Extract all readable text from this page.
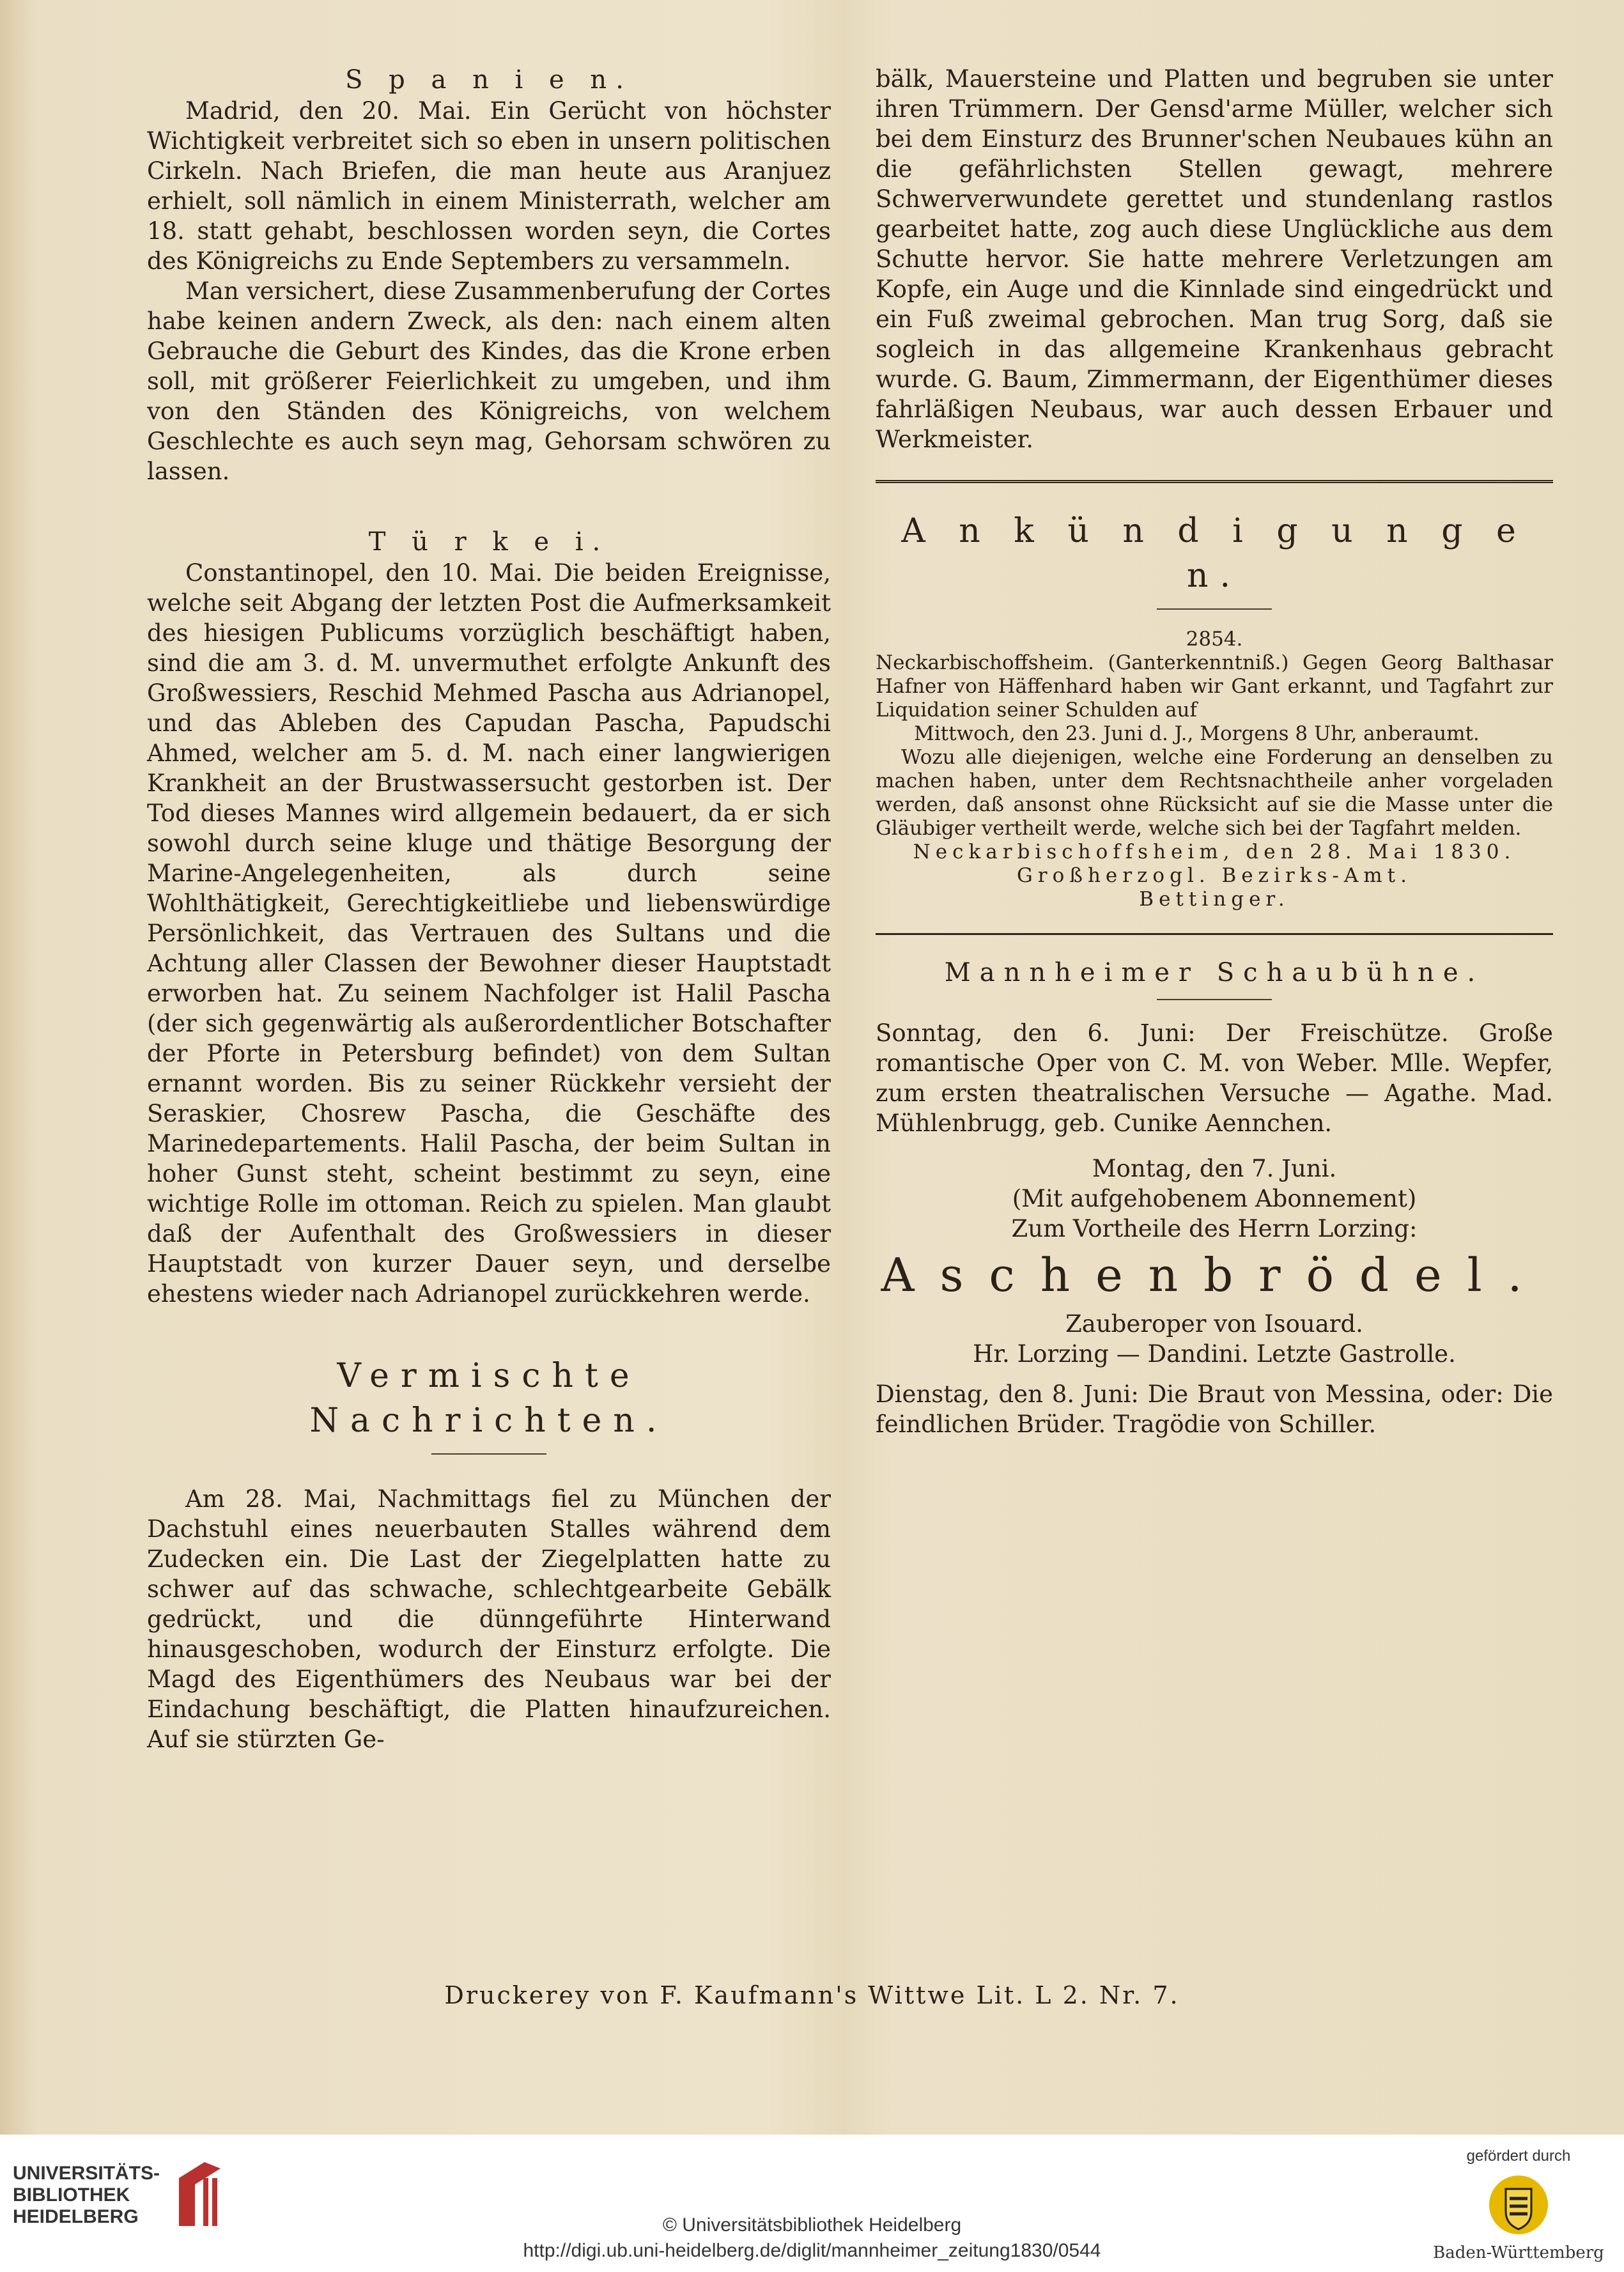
S p a n i e n.

Madrid, den 20. Mai. Ein Gerücht von höchster Wichtigkeit verbreitet sich so eben in unsern politischen Cirkeln. Nach Briefen, die man heute aus Aranjuez erhielt, soll nämlich in einem Ministerrath, welcher am 18. statt gehabt, beschlossen worden seyn, die Cortes des Königreichs zu Ende Septembers zu versammeln.

Man versichert, diese Zusammenberufung der Cortes habe keinen andern Zweck, als den: nach einem alten Gebrauche die Geburt des Kindes, das die Krone erben soll, mit größerer Feierlichkeit zu umgeben, und ihm von den Ständen des Königreichs, von welchem Geschlechte es auch seyn mag, Gehorsam schwören zu lassen.

T ü r k e i.

Constantinopel, den 10. Mai. Die beiden Ereignisse, welche seit Abgang der letzten Post die Aufmerksamkeit des hiesigen Publicums vorzüglich beschäftigt haben, sind die am 3. d. M. unvermuthet erfolgte Ankunft des Großwessiers, Reschid Mehmed Pascha aus Adrianopel, und das Ableben des Capudan Pascha, Papudschi Ahmed, welcher am 5. d. M. nach einer langwierigen Krankheit an der Brustwassersucht gestorben ist. Der Tod dieses Mannes wird allgemein bedauert, da er sich sowohl durch seine kluge und thätige Besorgung der Marine-Angelegenheiten, als durch seine Wohlthätigkeit, Gerechtigkeitliebe und liebenswürdige Persönlichkeit, das Vertrauen des Sultans und die Achtung aller Classen der Bewohner dieser Hauptstadt erworben hat. Zu seinem Nachfolger ist Halil Pascha (der sich gegenwärtig als außerordentlicher Botschafter der Pforte in Petersburg befindet) von dem Sultan ernannt worden. Bis zu seiner Rückkehr versieht der Seraskier, Chosrew Pascha, die Geschäfte des Marinedepartements. Halil Pascha, der beim Sultan in hoher Gunst steht, scheint bestimmt zu seyn, eine wichtige Rolle im ottoman. Reich zu spielen. Man glaubt daß der Aufenthalt des Großwessiers in dieser Hauptstadt von kurzer Dauer seyn, und derselbe ehestens wieder nach Adrianopel zurückkehren werde.

Vermischte Nachrichten.

Am 28. Mai, Nachmittags fiel zu München der Dachstuhl eines neuerbauten Stalles während dem Zudecken ein. Die Last der Ziegelplatten hatte zu schwer auf das schwache, schlechtgearbeite Gebälk gedrückt, und die dünngeführte Hinterwand hinausgeschoben, wodurch der Einsturz erfolgte. Die Magd des Eigenthümers des Neubaus war bei der Eindachung beschäftigt, die Platten hinaufzureichen. Auf sie stürzten Ge-

bälk, Mauersteine und Platten und begruben sie unter ihren Trümmern. Der Gensd'arme Müller, welcher sich bei dem Einsturz des Brunner'schen Neubaues kühn an die gefährlichsten Stellen gewagt, mehrere Schwerverwundete gerettet und stundenlang rastlos gearbeitet hatte, zog auch diese Unglückliche aus dem Schutte hervor. Sie hatte mehrere Verletzungen am Kopfe, ein Auge und die Kinnlade sind eingedrückt und ein Fuß zweimal gebrochen. Man trug Sorg, daß sie sogleich in das allgemeine Krankenhaus gebracht wurde. G. Baum, Zimmermann, der Eigenthümer dieses fahrläßigen Neubaus, war auch dessen Erbauer und Werkmeister.

A n k ü n d i g u n g e n.

2854.

Neckarbischoffsheim. (Ganterkenntniß.) Gegen Georg Balthasar Hafner von Häffenhard haben wir Gant erkannt, und Tagfahrt zur Liquidation seiner Schulden auf

Mittwoch, den 23. Juni d. J., Morgens 8 Uhr, anberaumt.

Wozu alle diejenigen, welche eine Forderung an denselben zu machen haben, unter dem Rechtsnachtheile anher vorgeladen werden, daß ansonst ohne Rücksicht auf sie die Masse unter die Gläubiger vertheilt werde, welche sich bei der Tagfahrt melden.

Neckarbischoffsheim, den 28. Mai 1830.

Großherzogl. Bezirks-Amt.

Bettinger.

Mannheimer Schaubühne.

Sonntag, den 6. Juni: Der Freischütze. Große romantische Oper von C. M. von Weber. Mlle. Wepfer, zum ersten theatralischen Versuche — Agathe. Mad. Mühlenbrugg, geb. Cunike Aennchen.

Montag, den 7. Juni.

(Mit aufgehobenem Abonnement)

Zum Vortheile des Herrn Lorzing:

Aschenbrödel.

Zauberoper von Isouard.

Hr. Lorzing — Dandini. Letzte Gastrolle.

Dienstag, den 8. Juni: Die Braut von Messina, oder: Die feindlichen Brüder. Tragödie von Schiller.

Druckerey von F. Kaufmann's Wittwe Lit. L 2. Nr. 7.
UNIVERSITÄTS- BIBLIOTHEK HEIDELBERG	© Universitätsbibliothek Heidelberg
http://digi.ub.uni-heidelberg.de/diglit/mannheimer_zeitung1830/0544
gefördert durch
Baden-Württemberg
